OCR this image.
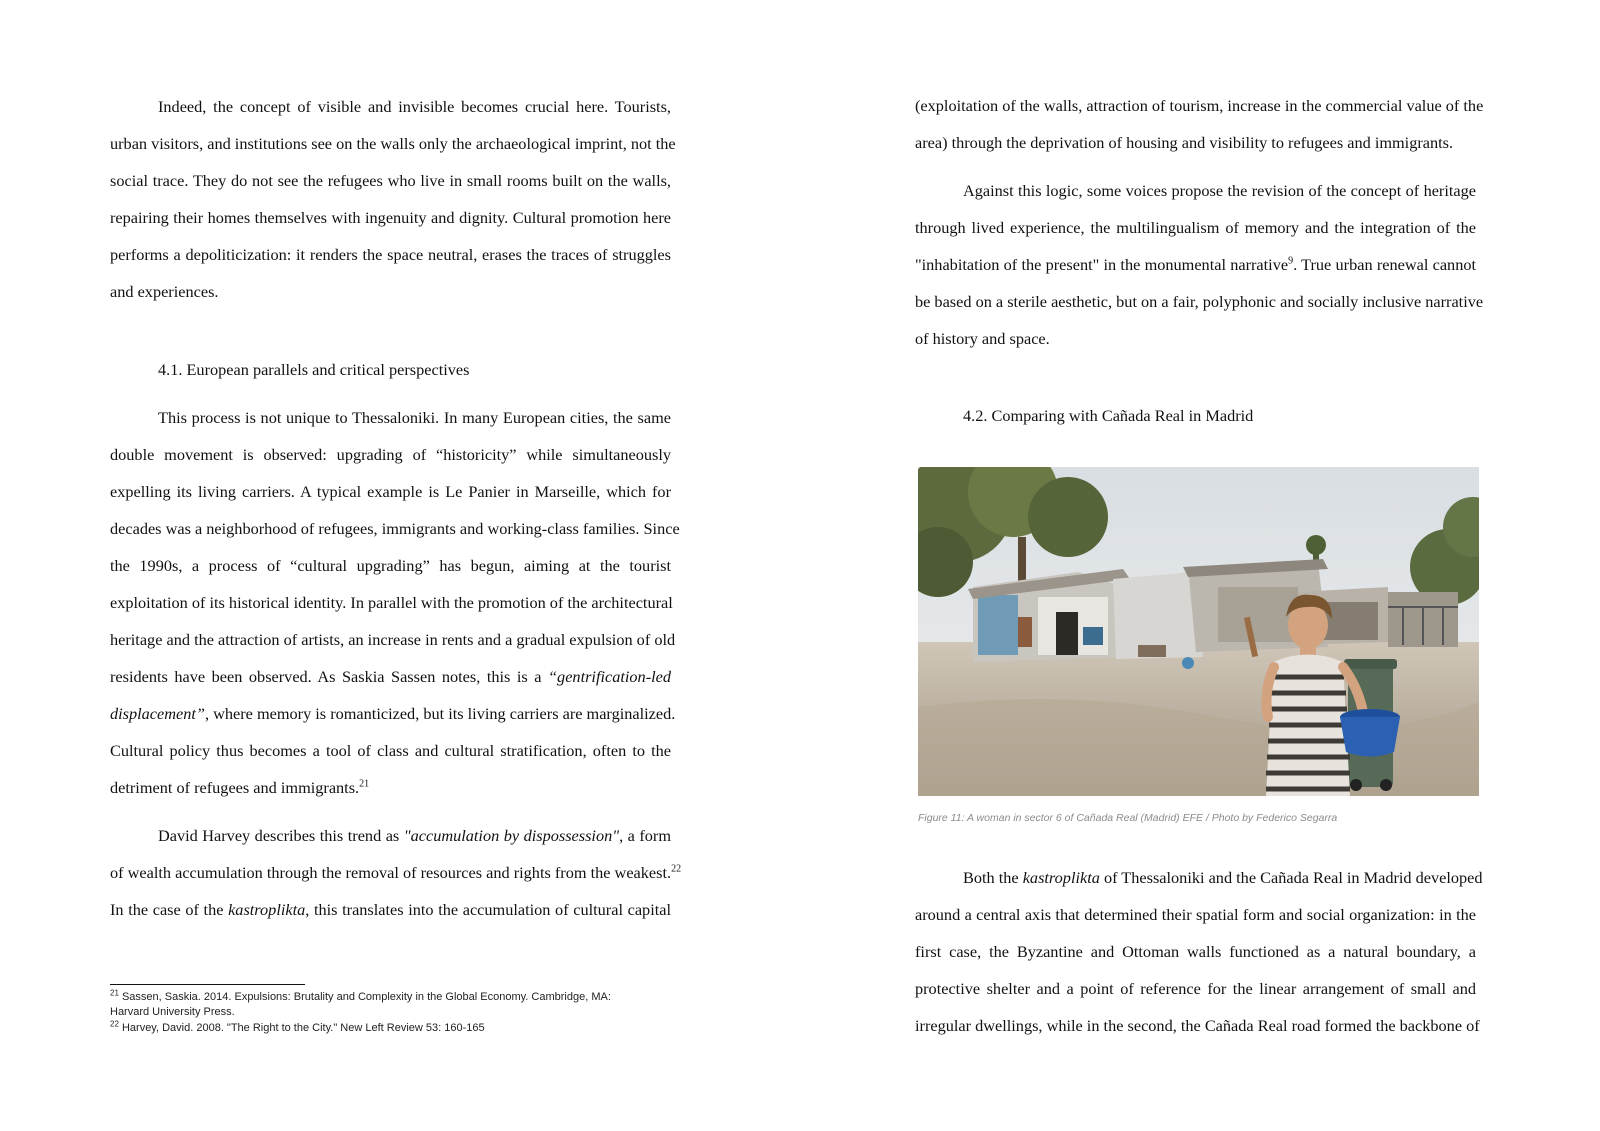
Indeed, the concept of visible and invisible becomes crucial here. Tourists,
urban visitors, and institutions see on the walls only the archaeological imprint, not the
social trace. They do not see the refugees who live in small rooms built on the walls,
repairing their homes themselves with ingenuity and dignity. Cultural promotion here
performs a depoliticization: it renders the space neutral, erases the traces of struggles
and experiences.
4.1. European parallels and critical perspectives
This process is not unique to Thessaloniki. In many European cities, the same
double movement is observed: upgrading of “historicity” while simultaneously
expelling its living carriers. A typical example is Le Panier in Marseille, which for
decades was a neighborhood of refugees, immigrants and working-class families. Since
the 1990s, a process of “cultural upgrading” has begun, aiming at the tourist
exploitation of its historical identity. In parallel with the promotion of the architectural
heritage and the attraction of artists, an increase in rents and a gradual expulsion of old
residents have been observed. As Saskia Sassen notes, this is a “gentrification-led
displacement”, where memory is romanticized, but its living carriers are marginalized.
Cultural policy thus becomes a tool of class and cultural stratification, often to the
detriment of refugees and immigrants.$^{21}$
David Harvey describes this trend as "accumulation by dispossession", a form
of wealth accumulation through the removal of resources and rights from the weakest.$^{22}$
In the case of the kastroplikta, this translates into the accumulation of cultural capital
$^{21}$ Sassen, Saskia. 2014. Expulsions: Brutality and Complexity in the Global Economy. Cambridge, MA:
Harvard University Press.
$^{22}$ Harvey, David. 2008. "The Right to the City." New Left Review 53: 160-165
(exploitation of the walls, attraction of tourism, increase in the commercial value of the
area) through the deprivation of housing and visibility to refugees and immigrants.
Against this logic, some voices propose the revision of the concept of heritage
through lived experience, the multilingualism of memory and the integration of the
"inhabitation of the present" in the monumental narrative$^9$. True urban renewal cannot
be based on a sterile aesthetic, but on a fair, polyphonic and socially inclusive narrative
of history and space.
4.2. Comparing with Cañada Real in Madrid
Both the kastroplikta of Thessaloniki and the Cañada Real in Madrid developed
around a central axis that determined their spatial form and social organization: in the
first case, the Byzantine and Ottoman walls functioned as a natural boundary, a
protective shelter and a point of reference for the linear arrangement of small and
irregular dwellings, while in the second, the Cañada Real road formed the backbone of
Figure 11: A woman in sector 6 of Cañada Real (Madrid) EFE / Photo by Federico Segarra
